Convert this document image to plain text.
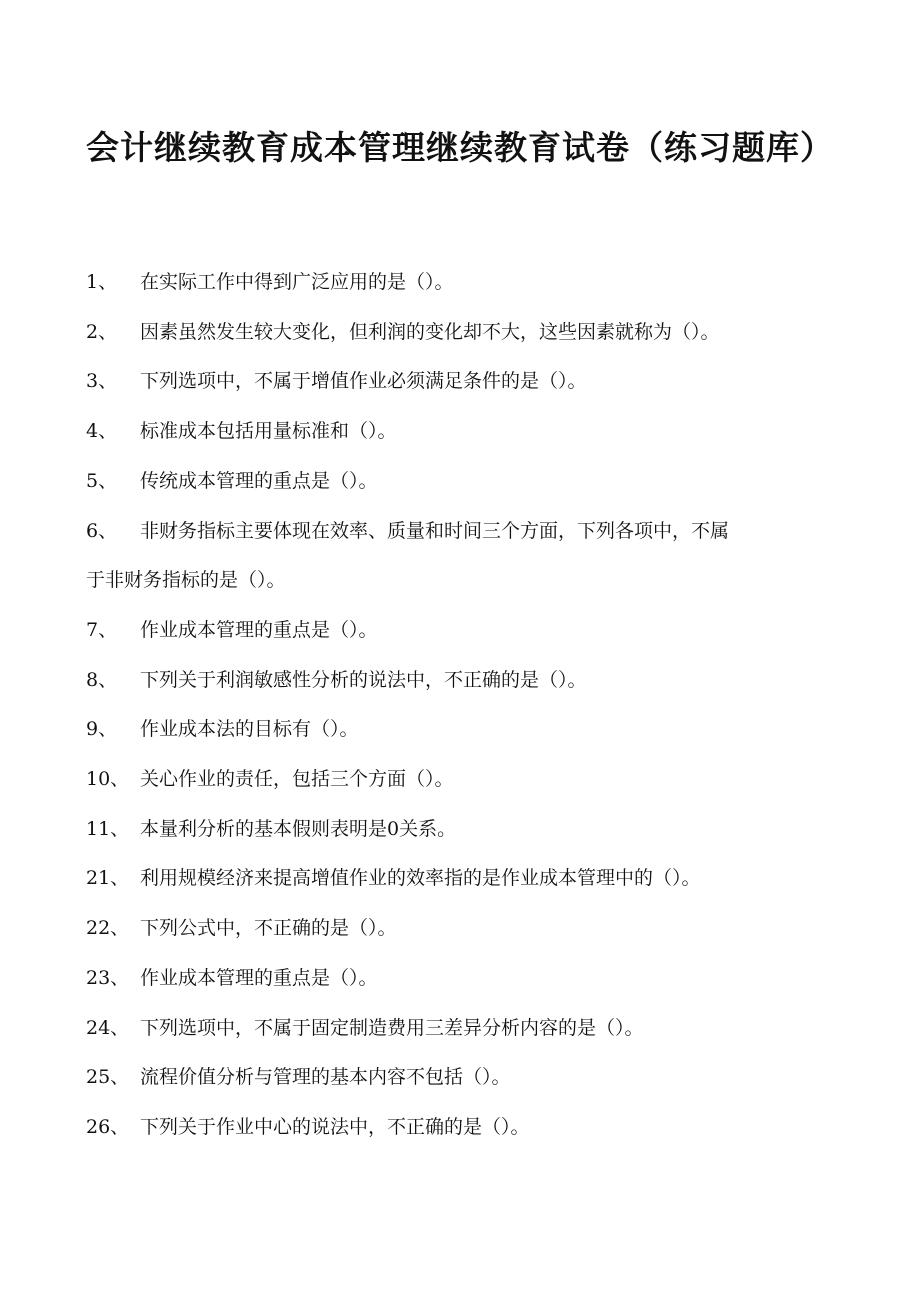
会计继续教育成本管理继续教育试卷（练习题库）
1、 在实际工作中得到广泛应用的是（）。
2、 因素虽然发生较大变化，但利润的变化却不大，这些因素就称为（）。
3、 下列选项中，不属于增值作业必须满足条件的是（）。
4、 标准成本包括用量标准和（）。
5、 传统成本管理的重点是（）。
6、 非财务指标主要体现在效率、质量和时间三个方面，下列各项中，不属
于非财务指标的是（）。
7、 作业成本管理的重点是（）。
8、 下列关于利润敏感性分析的说法中，不正确的是（）。
9、 作业成本法的目标有（）。
10、 关心作业的责任，包括三个方面（）。
11、 本量利分析的基本假则表明是0关系。
21、 利用规模经济来提高增值作业的效率指的是作业成本管理中的（）。
22、 下列公式中，不正确的是（）。
23、 作业成本管理的重点是（）。
24、 下列选项中，不属于固定制造费用三差异分析内容的是（）。
25、 流程价值分析与管理的基本内容不包括（）。
26、 下列关于作业中心的说法中，不正确的是（）。
